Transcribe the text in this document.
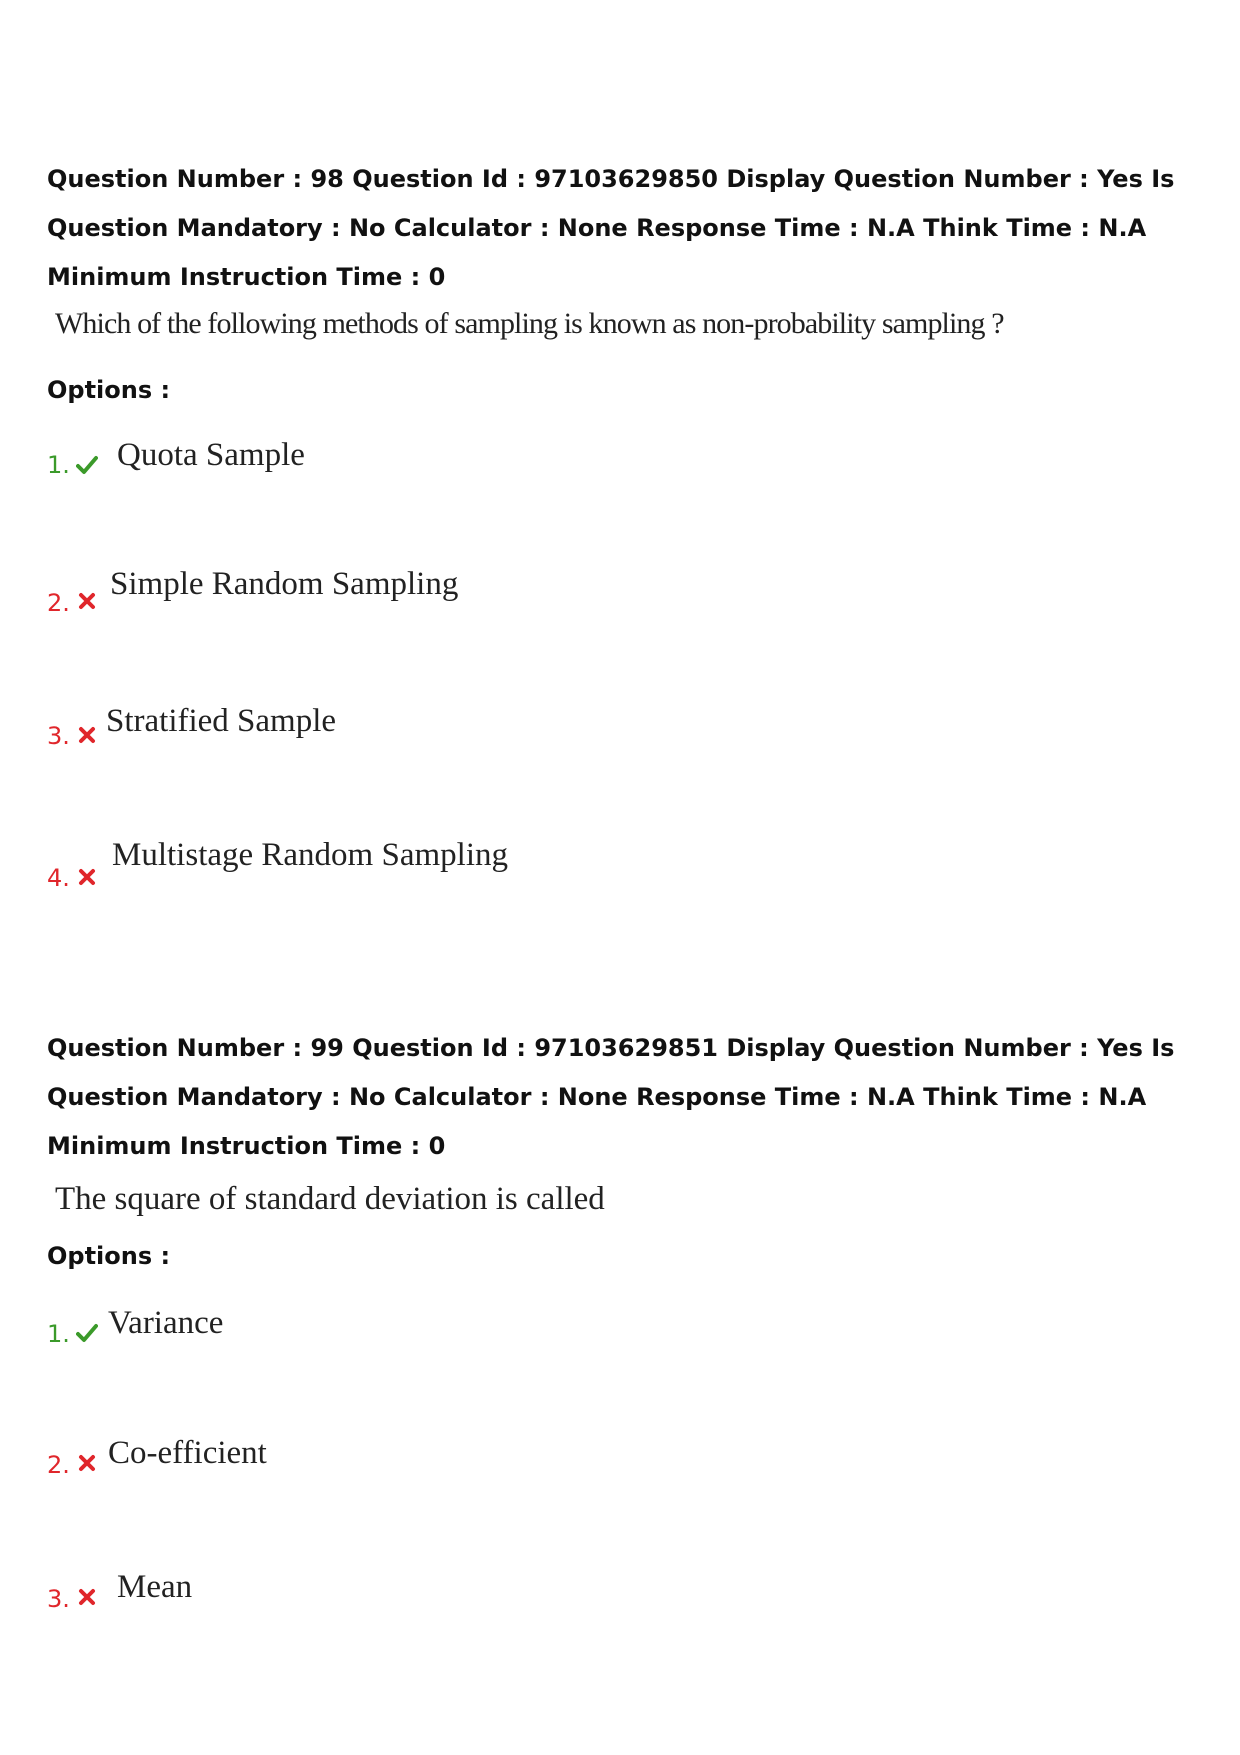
Question Number : 98 Question Id : 97103629850 Display Question Number : Yes Is Question Mandatory : No Calculator : None Response Time : N.A Think Time : N.A Minimum Instruction Time : 0
Which of the following methods of sampling is known as non-probability sampling ?
Options :
1. Quota Sample
2.
Simple Random Sampling
3. Stratified Sample
4.
Multistage Random Sampling
Question Number : 99 Question Id : 97103629851 Display Question Number : Yes Is Question Mandatory : No Calculator : None Response Time : N.A Think Time : N.A Minimum Instruction Time : 0
The square of standard deviation is called
Options :
1. Variance
2. Co-efficient
3. Mean
